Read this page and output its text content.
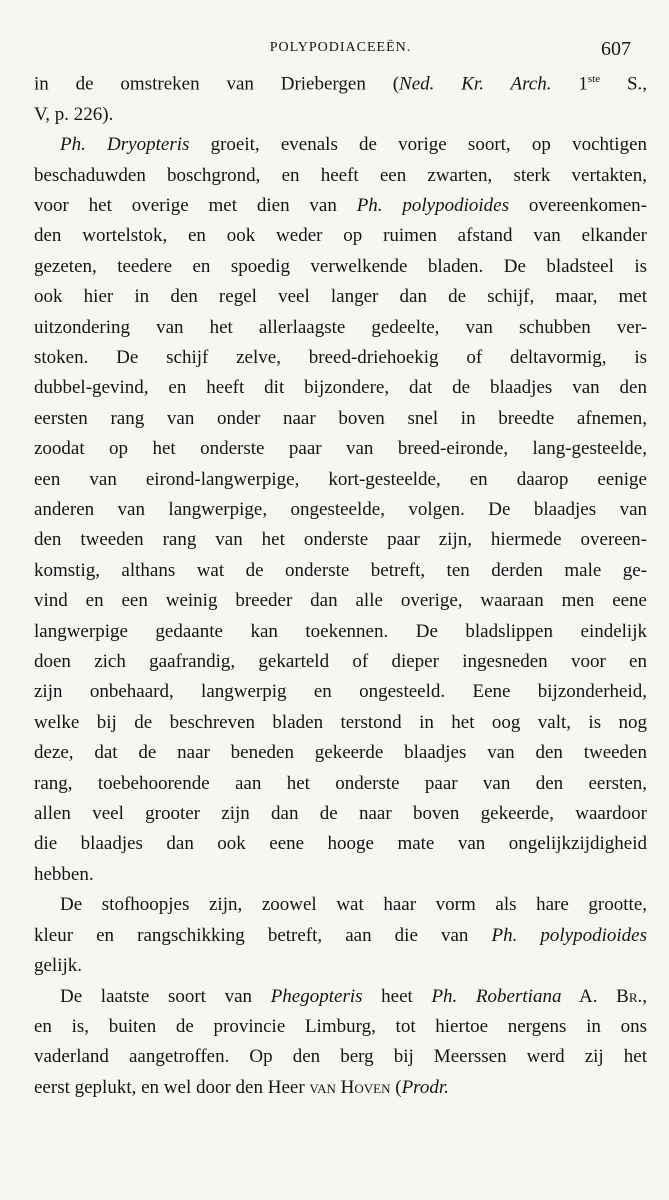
POLYPODIACEEËN.	607
in de omstreken van Driebergen (Ned. Kr. Arch. 1ste S.,
V, p. 226).
Ph. Dryopteris groeit, evenals de vorige soort, op vochtigen
beschaduwden boschgrond, en heeft een zwarten, sterk vertakten,
voor het overige met dien van Ph. polypodioides overeenkomen-
den wortelstok, en ook weder op ruimen afstand van elkander
gezeten, teedere en spoedig verwelkende bladen. De bladsteel is
ook hier in den regel veel langer dan de schijf, maar, met
uitzondering van het allerlaagste gedeelte, van schubben ver-
stoken. De schijf zelve, breed-driehoekig of deltavormig, is
dubbel-gevind, en heeft dit bijzondere, dat de blaadjes van den
eersten rang van onder naar boven snel in breedte afnemen,
zoodat op het onderste paar van breed-eironde, lang-gesteelde,
een van eirond-langwerpige, kort-gesteelde, en daarop eenige
anderen van langwerpige, ongesteelde, volgen. De blaadjes van
den tweeden rang van het onderste paar zijn, hiermede overeen-
komstig, althans wat de onderste betreft, ten derden male ge-
vind en een weinig breeder dan alle overige, waaraan men eene
langwerpige gedaante kan toekennen. De bladslippen eindelijk
doen zich gaafrandig, gekarteld of dieper ingesneden voor en
zijn onbehaard, langwerpig en ongesteeld. Eene bijzonderheid,
welke bij de beschreven bladen terstond in het oog valt, is nog
deze, dat de naar beneden gekeerde blaadjes van den tweeden
rang, toebehoorende aan het onderste paar van den eersten,
allen veel grooter zijn dan de naar boven gekeerde, waardoor
die blaadjes dan ook eene hooge mate van ongelijkzijdigheid
hebben.
De stofhoopjes zijn, zoowel wat haar vorm als hare grootte,
kleur en rangschikking betreft, aan die van Ph. polypodioides
gelijk.
De laatste soort van Phegopteris heet Ph. Robertiana A. Br.,
en is, buiten de provincie Limburg, tot hiertoe nergens in ons
vaderland aangetroffen. Op den berg bij Meerssen werd zij het
eerst geplukt, en wel door den Heer van Hoven (Prodr.
